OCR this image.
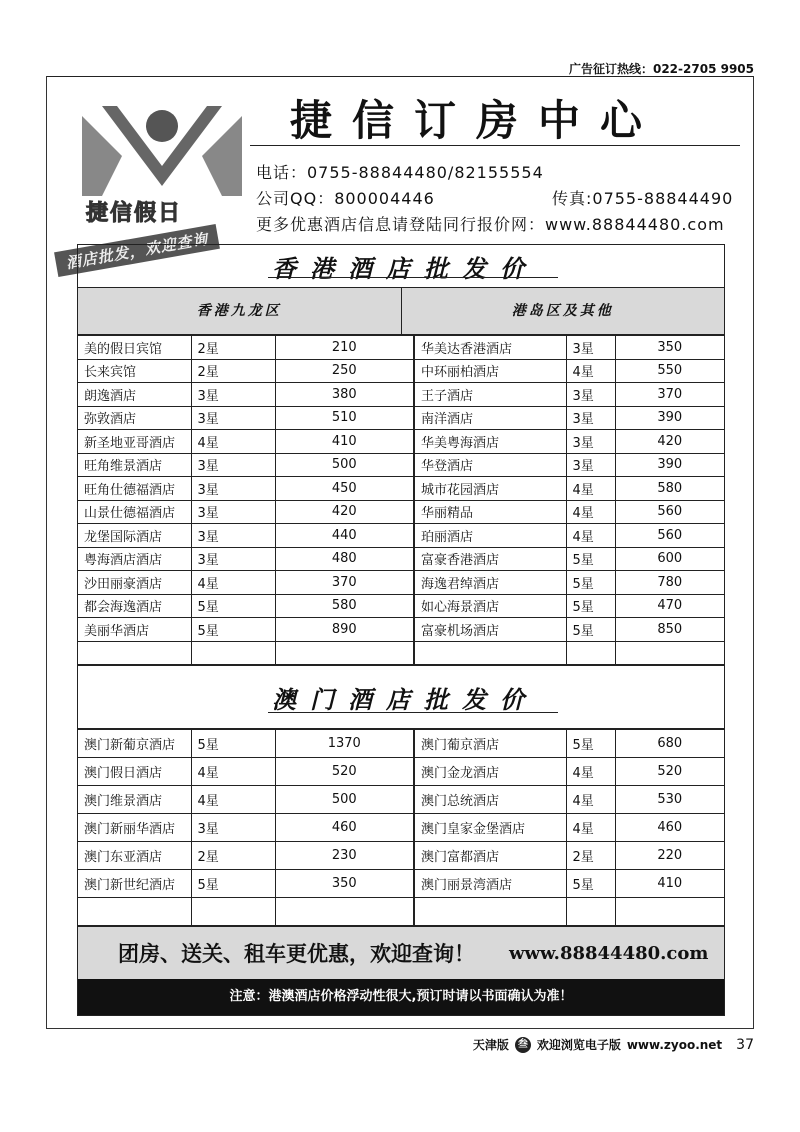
广告征订热线：022-2705 9905
捷信假日
酒店批发，欢迎查询
捷信订房中心
电话：0755-88844480/82155554
公司QQ：800004446	传真:0755-88844490
更多优惠酒店信息请登陆同行报价网：www.88844480.com
香港酒店批发价
香港九龙区	港岛区及其他
美的假日宾馆	2星	210	华美达香港酒店	3星	350
长来宾馆	2星	250	中环丽柏酒店	4星	550
朗逸酒店	3星	380	王子酒店	3星	370
弥敦酒店	3星	510	南洋酒店	3星	390
新圣地亚哥酒店	4星	410	华美粤海酒店	3星	420
旺角维景酒店	3星	500	华登酒店	3星	390
旺角仕德福酒店	3星	450	城市花园酒店	4星	580
山景仕德福酒店	3星	420	华丽精品	4星	560
龙堡国际酒店	3星	440	珀丽酒店	4星	560
粤海酒店酒店	3星	480	富豪香港酒店	5星	600
沙田丽豪酒店	4星	370	海逸君绰酒店	5星	780
都会海逸酒店	5星	580	如心海景酒店	5星	470
美丽华酒店	5星	890	富豪机场酒店	5星	850

澳门酒店批发价
澳门新葡京酒店	5星	1370	澳门葡京酒店	5星	680
澳门假日酒店	4星	520	澳门金龙酒店	4星	520
澳门维景酒店	4星	500	澳门总统酒店	4星	530
澳门新丽华酒店	3星	460	澳门皇家金堡酒店	4星	460
澳门东亚酒店	2星	230	澳门富都酒店	2星	220
澳门新世纪酒店	5星	350	澳门丽景湾酒店	5星	410

团房、送关、租车更优惠，欢迎查询！ www.88844480.com
注意：港澳酒店价格浮动性很大,预订时请以书面确认为准！
天津版 叁 欢迎浏览电子版 www.zyoo.net 37
